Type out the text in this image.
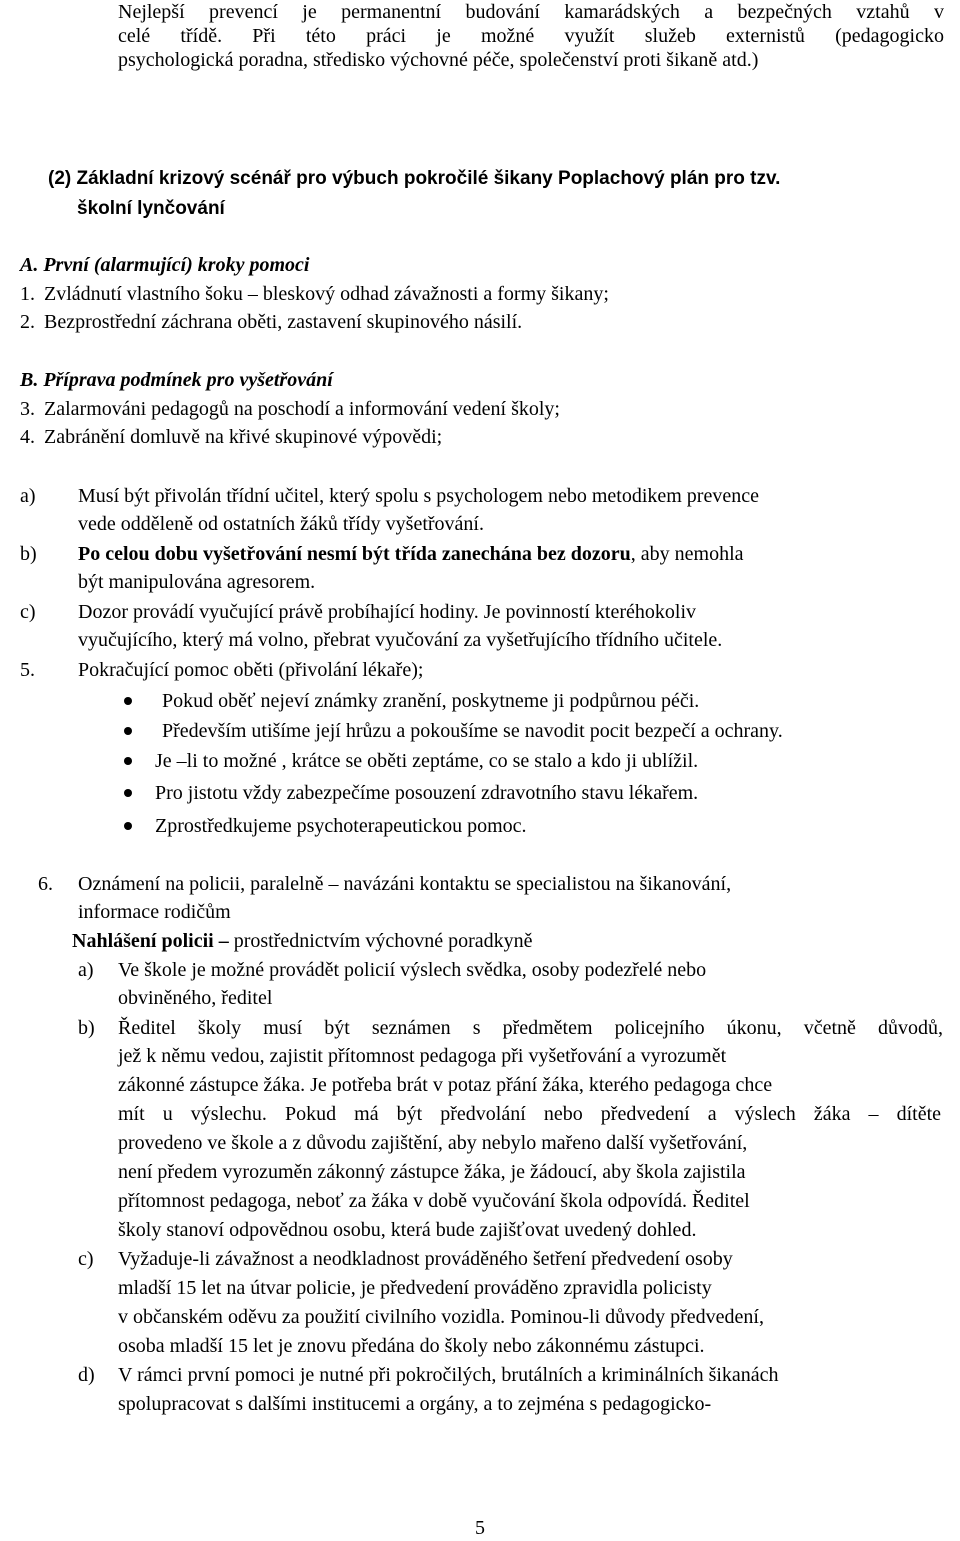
Nejlepší prevencí je permanentní budování kamarádských a bezpečných vztahů v
celé třídě. Při této práci je možné využít služeb externistů (pedagogicko
psychologická poradna, středisko výchovné péče, společenství proti šikaně atd.)
(2) Základní krizový scénář pro výbuch pokročilé šikany Poplachový plán pro tzv.
školní lynčování
A. První (alarmující) kroky pomoci
1. Zvládnutí vlastního šoku – bleskový odhad závažnosti a formy šikany;
2. Bezprostřední záchrana oběti, zastavení skupinového násilí.
B. Příprava podmínek pro vyšetřování
3. Zalarmováni pedagogů na poschodí a informování vedení školy;
4. Zabránění domluvě na křivé skupinové výpovědi;
a) Musí být přivolán třídní učitel, který spolu s psychologem nebo metodikem prevence
vede odděleně od ostatních žáků třídy vyšetřování.
b) Po celou dobu vyšetřování nesmí být třída zanechána bez dozoru, aby nemohla
být manipulována agresorem.
c) Dozor provádí vyučující právě probíhající hodiny. Je povinností kteréhokoliv
vyučujícího, který má volno, přebrat vyučování za vyšetřujícího třídního učitele.
5. Pokračující pomoc oběti (přivolání lékaře);
Pokud oběť nejeví známky zranění, poskytneme ji podpůrnou péči.
Především utišíme její hrůzu a pokoušíme se navodit pocit bezpečí a ochrany.
Je –li to možné , krátce se oběti zeptáme, co se stalo a kdo ji ublížil.
Pro jistotu vždy zabezpečíme posouzení zdravotního stavu lékařem.
Zprostředkujeme psychoterapeutickou pomoc.
6. Oznámení na policii, paralelně – navázáni kontaktu se specialistou na šikanování,
informace rodičům
Nahlášení policii – prostřednictvím výchovné poradkyně
a) Ve škole je možné provádět policií výslech svědka, osoby podezřelé nebo
obviněného, ředitel
b) Ředitel školy musí být seznámen s předmětem policejního úkonu, včetně důvodů,
jež k němu vedou, zajistit přítomnost pedagoga při vyšetřování a vyrozumět
zákonné zástupce žáka. Je potřeba brát v potaz přání žáka, kterého pedagoga chce
mít u výslechu. Pokud má být předvolání nebo předvedení a výslech žáka – dítěte
provedeno ve škole a z důvodu zajištění, aby nebylo mařeno další vyšetřování,
není předem vyrozuměn zákonný zástupce žáka, je žádoucí, aby škola zajistila
přítomnost pedagoga, neboť za žáka v době vyučování škola odpovídá. Ředitel
školy stanoví odpovědnou osobu, která bude zajišťovat uvedený dohled.
c) Vyžaduje-li závažnost a neodkladnost prováděného šetření předvedení osoby
mladší 15 let na útvar policie, je předvedení prováděno zpravidla policisty
v občanském oděvu za použití civilního vozidla. Pominou-li důvody předvedení,
osoba mladší 15 let je znovu předána do školy nebo zákonnému zástupci.
d) V rámci první pomoci je nutné při pokročilých, brutálních a kriminálních šikanách
spolupracovat s dalšími institucemi a orgány, a to zejména s pedagogicko-
5
